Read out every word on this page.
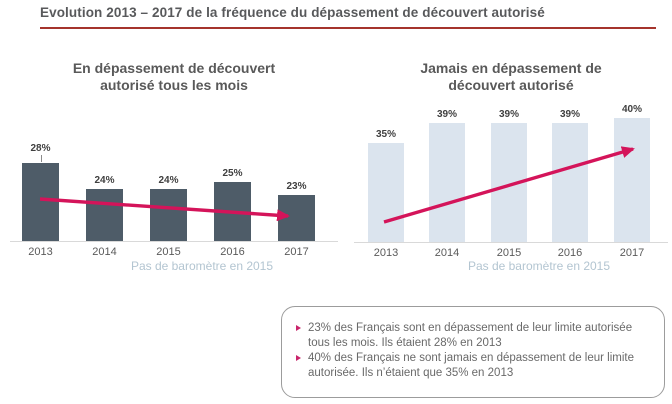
Evolution 2013 – 2017 de la fréquence du dépassement de découvert autorisé
En dépassement de découvert autorisé tous les mois
28%
24%	24%
25%
23%
2013	2014	2015	2016	2017
Pas de baromètre en 2015
Jamais en dépassement de découvert autorisé
35%
39%	39%	39%	40%
2013	2014	2015	2016	2017
Pas de baromètre en 2015
23% des Français sont en dépassement de leur limite autorisée tous les mois. Ils étaient 28% en 2013
40% des Français ne sont jamais en dépassement de leur limite autorisée. Ils n’étaient que 35% en 2013
